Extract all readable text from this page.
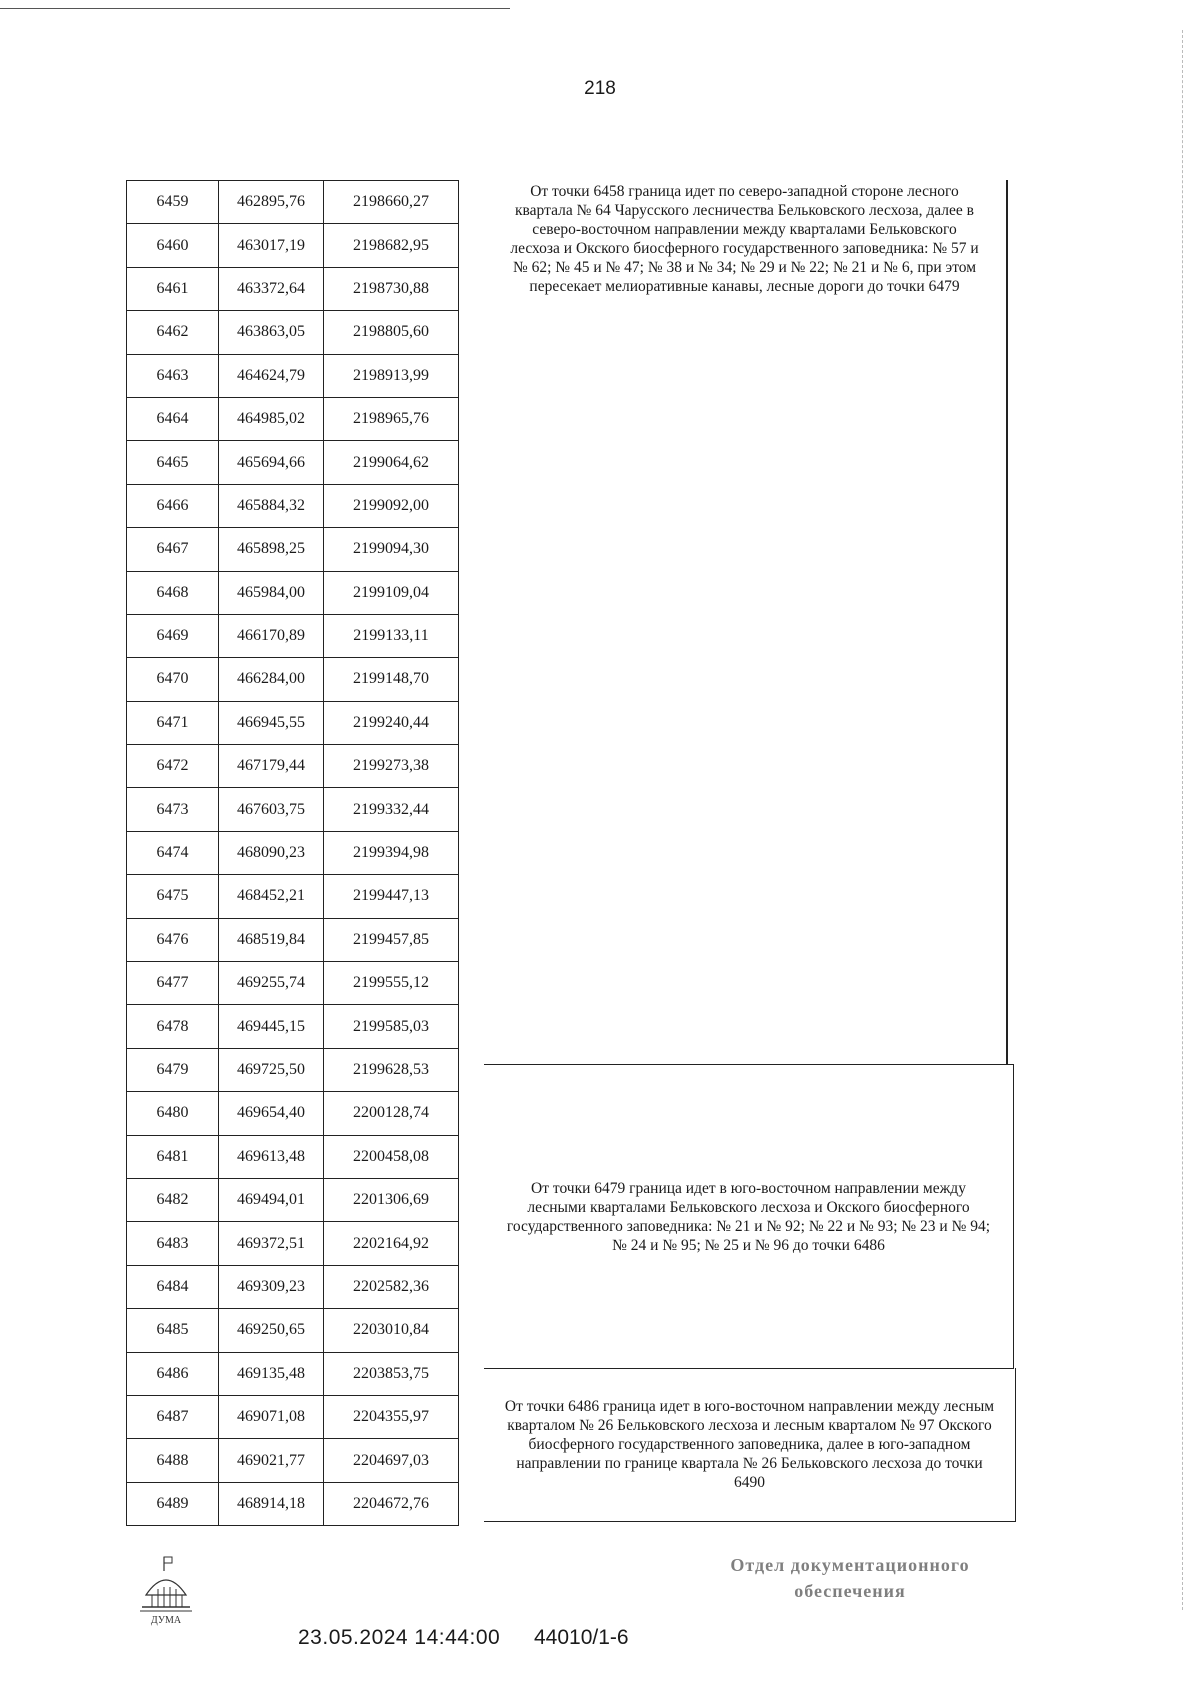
218
6459	462895,76	2198660,27
6460	463017,19	2198682,95
6461	463372,64	2198730,88
6462	463863,05	2198805,60
6463	464624,79	2198913,99
6464	464985,02	2198965,76
6465	465694,66	2199064,62
6466	465884,32	2199092,00
6467	465898,25	2199094,30
6468	465984,00	2199109,04
6469	466170,89	2199133,11
6470	466284,00	2199148,70
6471	466945,55	2199240,44
6472	467179,44	2199273,38
6473	467603,75	2199332,44
6474	468090,23	2199394,98
6475	468452,21	2199447,13
6476	468519,84	2199457,85
6477	469255,74	2199555,12
6478	469445,15	2199585,03
6479	469725,50	2199628,53
6480	469654,40	2200128,74
6481	469613,48	2200458,08
6482	469494,01	2201306,69
6483	469372,51	2202164,92
6484	469309,23	2202582,36
6485	469250,65	2203010,84
6486	469135,48	2203853,75
6487	469071,08	2204355,97
6488	469021,77	2204697,03
6489	468914,18	2204672,76
От точки 6458 граница идет по северо-западной стороне лесного квартала № 64 Чарусского лесничества Бельковского лесхоза, далее в северо-восточном направлении между кварталами Бельковского лесхоза и Окского биосферного государственного заповедника: № 57 и № 62; № 45 и № 47; № 38 и № 34; № 29 и № 22; № 21 и № 6, при этом пересекает мелиоративные канавы, лесные дороги до точки 6479
От точки 6479 граница идет в юго-восточном направлении между лесными кварталами Бельковского лесхоза и Окского биосферного государственного заповедника: № 21 и № 92; № 22 и № 93; № 23 и № 94; № 24 и № 95; № 25 и № 96 до точки 6486
От точки 6486 граница идет в юго-восточном направлении между лесным кварталом № 26 Бельковского лесхоза и лесным кварталом № 97 Окского биосферного государственного заповедника, далее в юго-западном направлении по границе квартала № 26 Бельковского лесхоза до точки 6490
ДУМА
23.05.2024 14:44:00 44010/1-6
Отдел документационного
обеспечения
